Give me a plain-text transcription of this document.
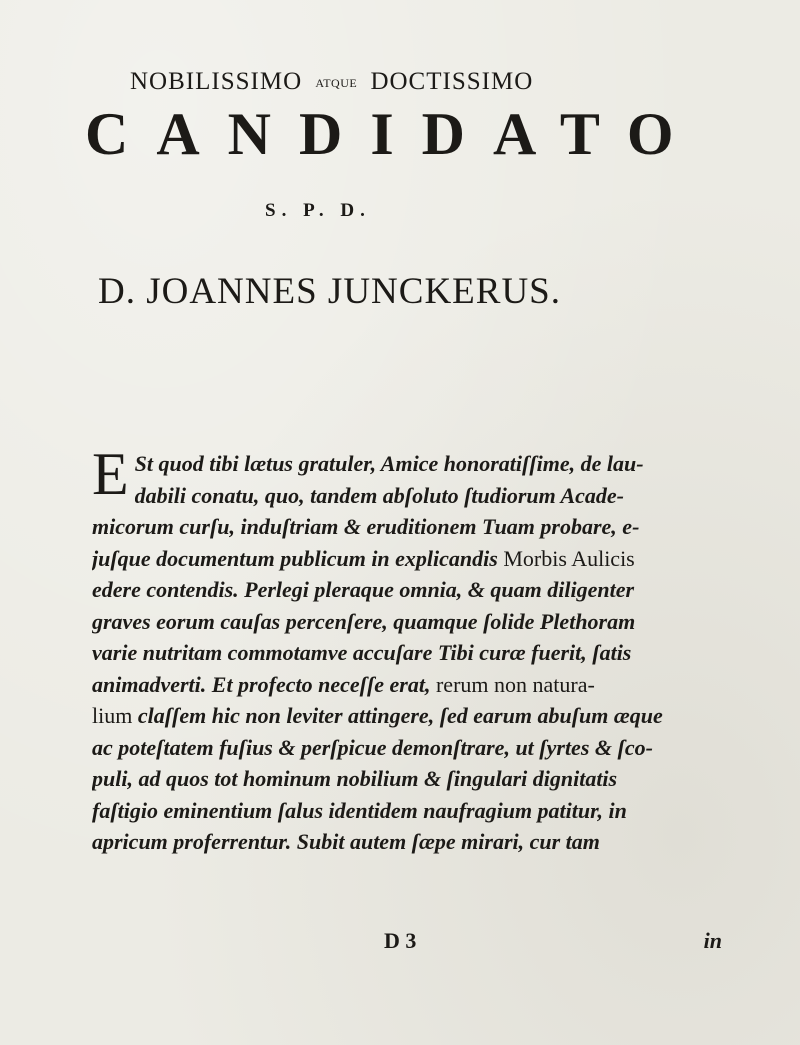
NOBILISSIMO ATQUE DOCTISSIMO
CANDIDATO
S. P. D.
D. JOANNES JUNCKERUS.
E St quod tibi lætus gratuler, Amice honoratiſſime, de lau-
dabili conatu, quo, tandem abſoluto ſtudiorum Acade-
micorum curſu, induſtriam & eruditionem Tuam probare, e-
juſque documentum publicum in explicandis Morbis Aulicis
edere contendis. Perlegi pleraque omnia, & quam diligenter
graves eorum cauſas percenſere, quamque ſolide Plethoram
varie nutritam commotamve accuſare Tibi curæ fuerit, ſatis
animadverti. Et profecto neceſſe erat, rerum non natura-
lium claſſem hic non leviter attingere, ſed earum abuſum æque
ac poteſtatem fuſius & perſpicue demonſtrare, ut ſyrtes & ſco-
puli, ad quos tot hominum nobilium & ſingulari dignitatis
faſtigio eminentium ſalus identidem naufragium patitur, in
apricum proferrentur. Subit autem ſæpe mirari, cur tam
D 3	in
